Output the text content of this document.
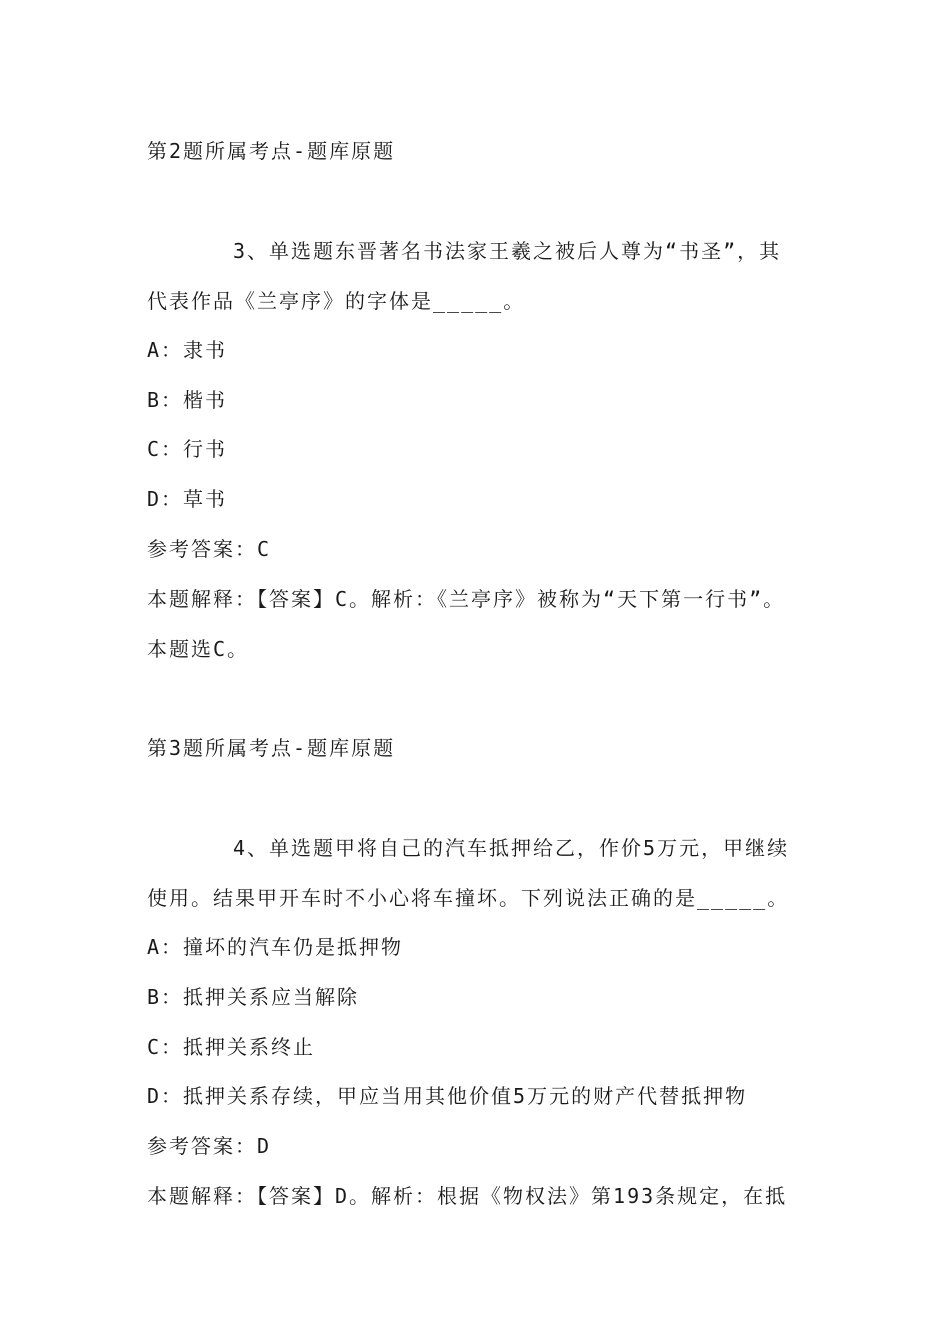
第2题所属考点-题库原题
3、单选题东晋著名书法家王羲之被后人尊为“书圣”，其
代表作品《兰亭序》的字体是_____。
A：隶书
B：楷书
C：行书
D：草书
参考答案：C
本题解释：【答案】C。解析：《兰亭序》被称为“天下第一行书”。
本题选C。
第3题所属考点-题库原题
4、单选题甲将自己的汽车抵押给乙，作价5万元，甲继续
使用。结果甲开车时不小心将车撞坏。下列说法正确的是_____。
A：撞坏的汽车仍是抵押物
B：抵押关系应当解除
C：抵押关系终止
D：抵押关系存续，甲应当用其他价值5万元的财产代替抵押物
参考答案：D
本题解释：【答案】D。解析：根据《物权法》第193条规定，在抵
